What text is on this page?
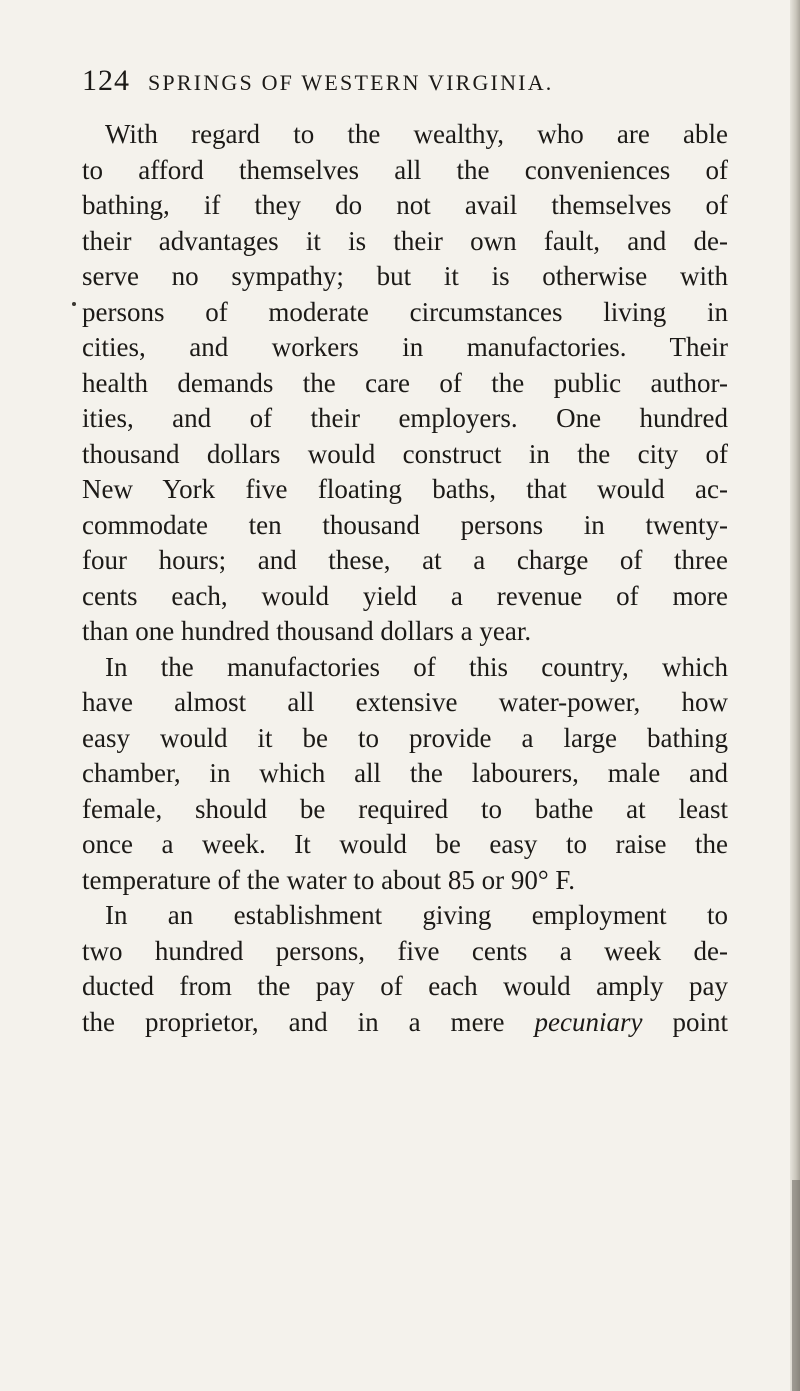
124 SPRINGS OF WESTERN VIRGINIA.
With regard to the wealthy, who are able
to afford themselves all the conveniences of
bathing, if they do not avail themselves of
their advantages it is their own fault, and de-
serve no sympathy; but it is otherwise with
persons of moderate circumstances living in
cities, and workers in manufactories. Their
health demands the care of the public author-
ities, and of their employers. One hundred
thousand dollars would construct in the city of
New York five floating baths, that would ac-
commodate ten thousand persons in twenty-
four hours; and these, at a charge of three
cents each, would yield a revenue of more
than one hundred thousand dollars a year.
In the manufactories of this country, which
have almost all extensive water-power, how
easy would it be to provide a large bathing
chamber, in which all the labourers, male and
female, should be required to bathe at least
once a week. It would be easy to raise the
temperature of the water to about 85 or 90° F.
In an establishment giving employment to
two hundred persons, five cents a week de-
ducted from the pay of each would amply pay
the proprietor, and in a mere pecuniary point
